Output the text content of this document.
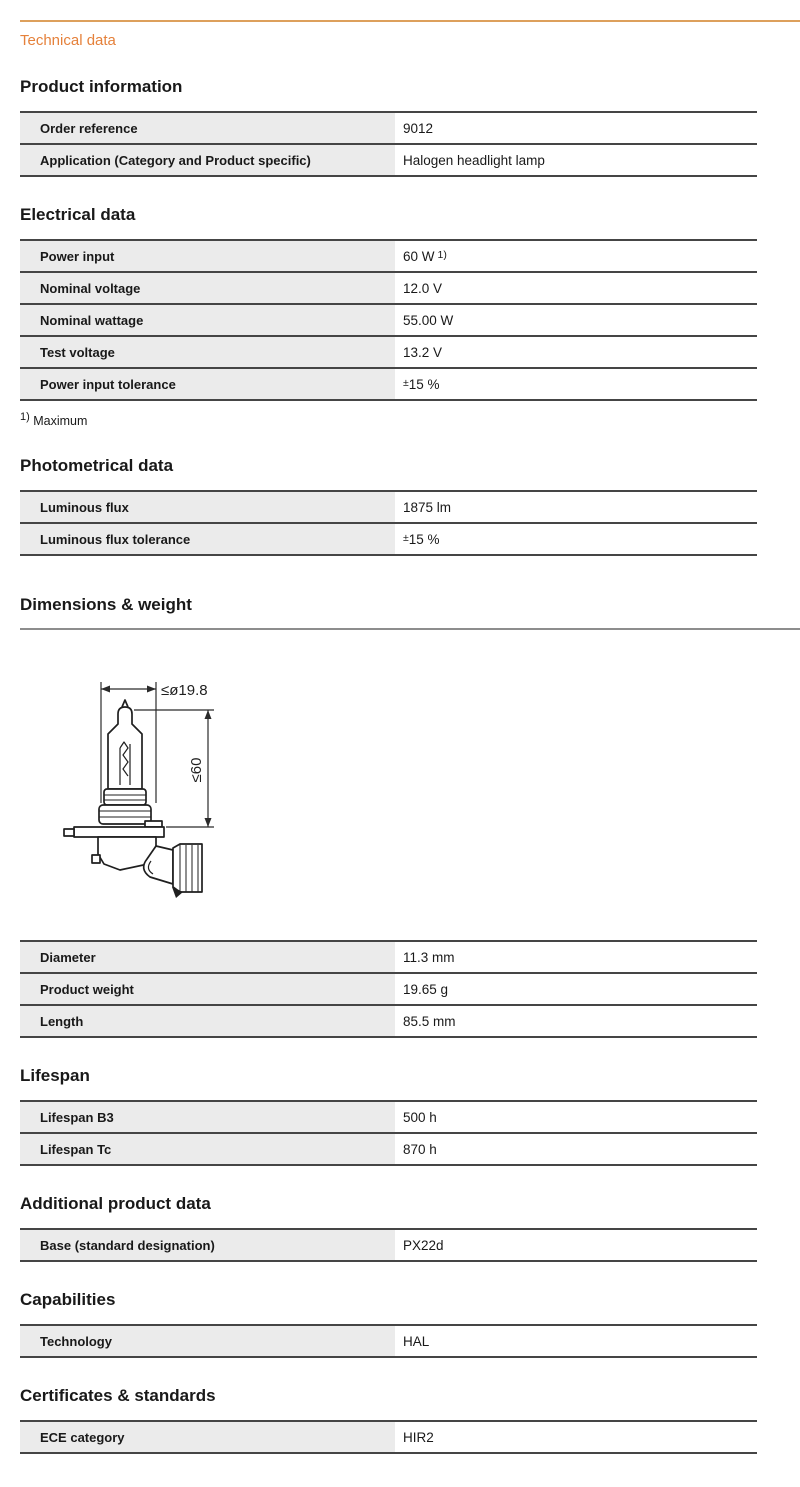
Technical data
Product information
Order reference	9012
Application (Category and Product specific)	Halogen headlight lamp
Electrical data
Power input	60 W $^{1)}$
Nominal voltage	12.0 V
Nominal wattage	55.00 W
Test voltage	13.2 V
Power input tolerance	± 15 %
$^{1)}$ Maximum
Photometrical data
Luminous flux	1875 lm
Luminous flux tolerance	± 15 %
Dimensions & weight
≤ø19.8
≤60
Diameter	11.3 mm
Product weight	19.65 g
Length	85.5 mm
Lifespan
Lifespan B3	500 h
Lifespan Tc	870 h
Additional product data
Base (standard designation)	PX22d
Capabilities
Technology	HAL
Certificates & standards
ECE category	HIR2
